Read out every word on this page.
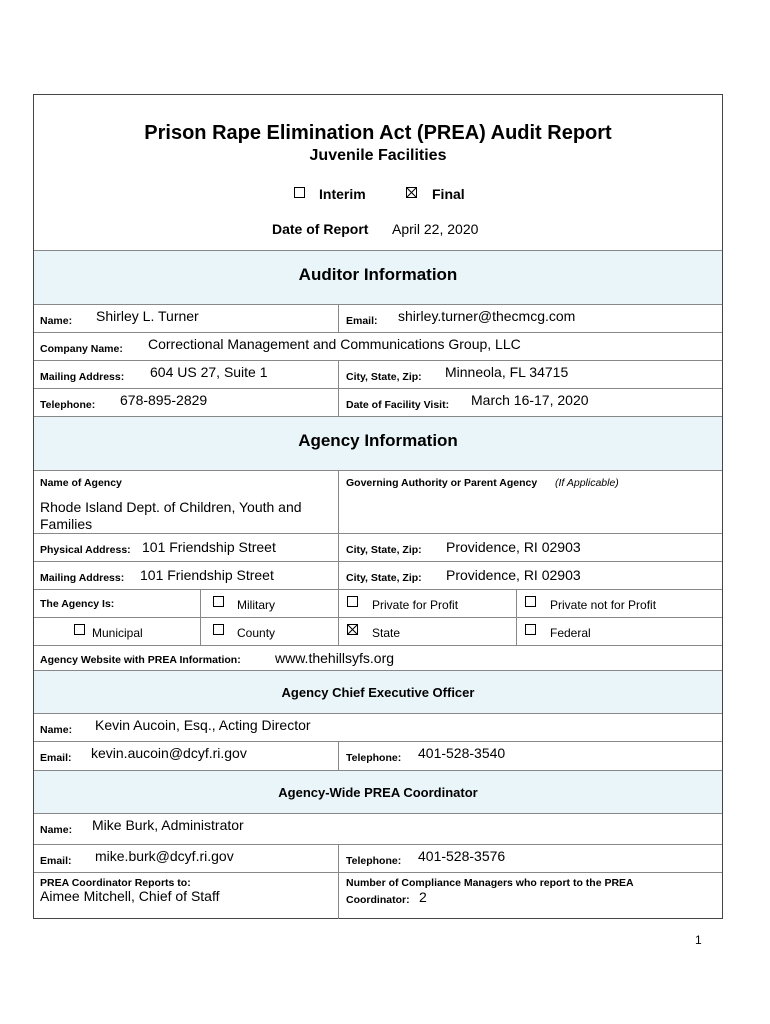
Prison Rape Elimination Act (PREA) Audit Report
Juvenile Facilities
Interim	Final
Date of Report April 22, 2020
Auditor Information
Name: Shirley L. Turner	Email: shirley.turner@thecmcg.com
Company Name: Correctional Management and Communications Group, LLC
Mailing Address: 604 US 27, Suite 1	City, State, Zip: Minneola, FL 34715
Telephone: 678-895-2829	Date of Facility Visit: March 16-17, 2020
Agency Information
Name of Agency
Rhode Island Dept. of Children, Youth and
Families
Governing Authority or Parent Agency (If Applicable)
Physical Address: 101 Friendship Street	City, State, Zip: Providence, RI 02903
Mailing Address: 101 Friendship Street	City, State, Zip: Providence, RI 02903
The Agency Is:	Military	Private for Profit	Private not for Profit
Municipal	County	State	Federal
Agency Website with PREA Information: www.thehillsyfs.org
Agency Chief Executive Officer
Name: Kevin Aucoin, Esq., Acting Director
Email: kevin.aucoin@dcyf.ri.gov	Telephone: 401-528-3540
Agency-Wide PREA Coordinator
Name: Mike Burk, Administrator
Email: mike.burk@dcyf.ri.gov	Telephone: 401-528-3576
PREA Coordinator Reports to:
Aimee Mitchell, Chief of Staff
Number of Compliance Managers who report to the PREA
Coordinator: 2
1
